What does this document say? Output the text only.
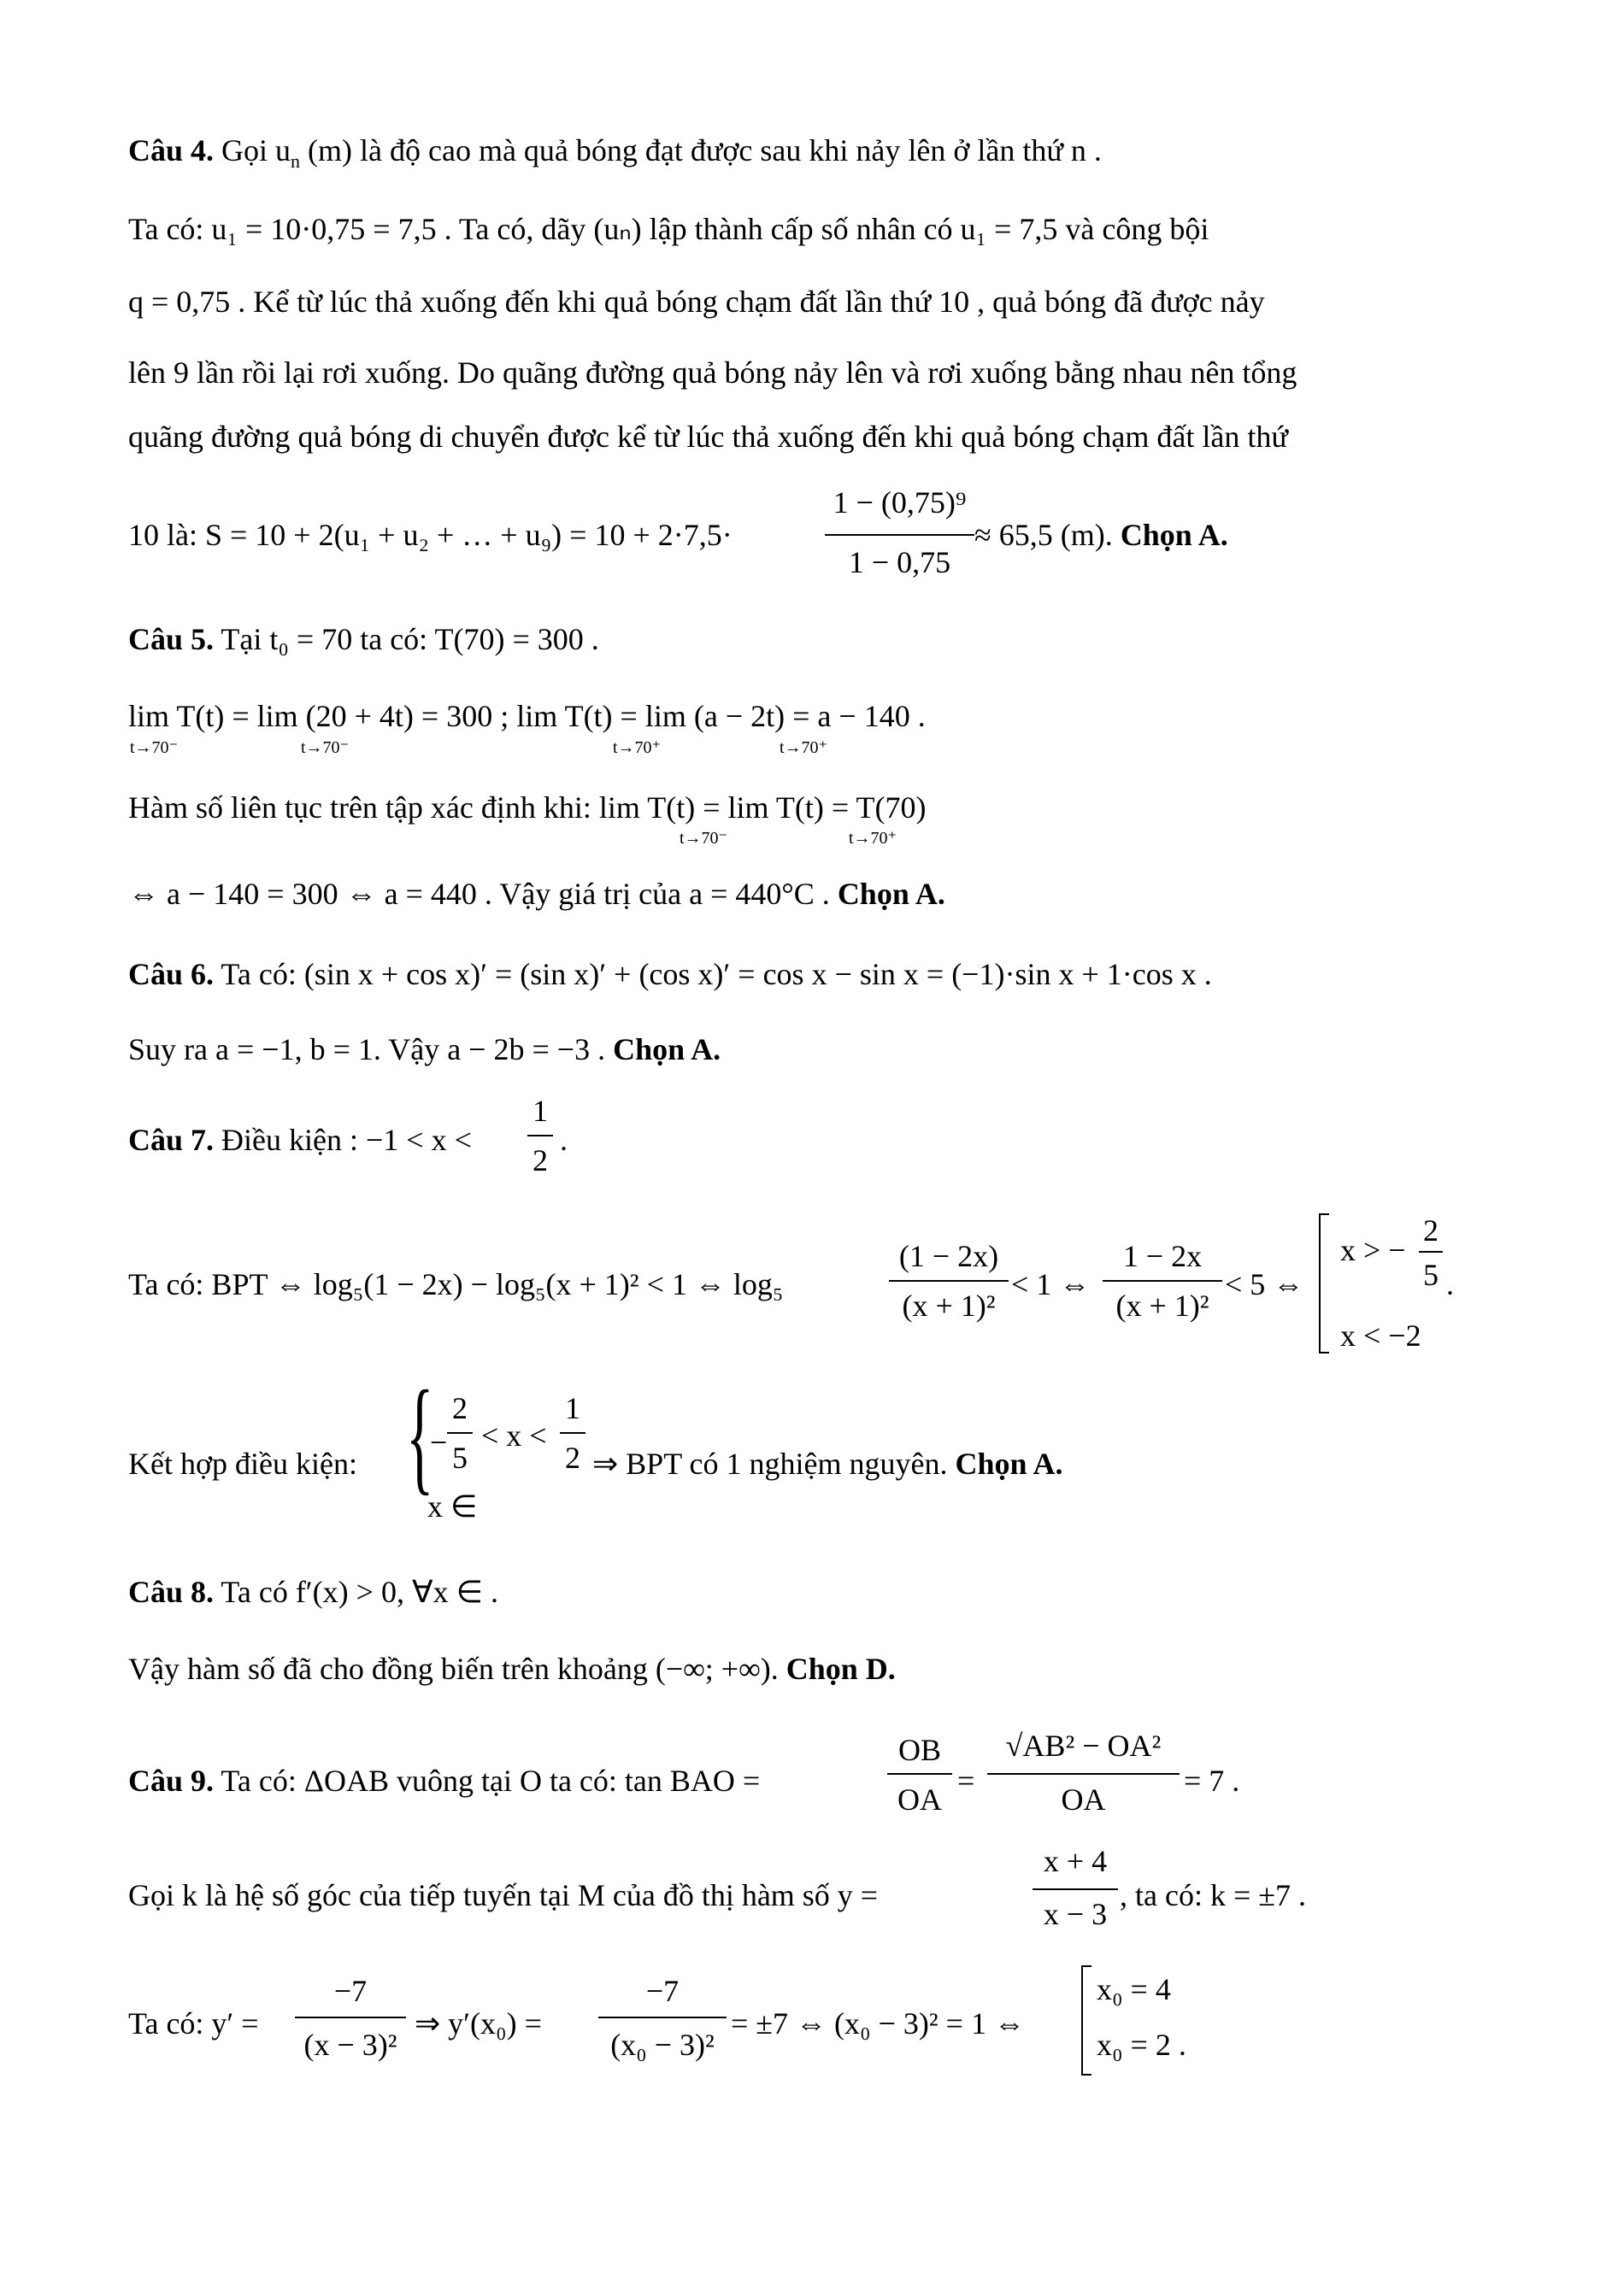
Câu 4. Gọi $u_n$ (m) là độ cao mà quả bóng đạt được sau khi nảy lên ở lần thứ n .
Ta có: u₁ = 10·0,75 = 7,5 . Ta có, dãy (uₙ) lập thành cấp số nhân có u₁ = 7,5 và công bội
q = 0,75 . Kể từ lúc thả xuống đến khi quả bóng chạm đất lần thứ 10 , quả bóng đã được nảy
lên 9 lần rồi lại rơi xuống. Do quãng đường quả bóng nảy lên và rơi xuống bằng nhau nên tổng
quãng đường quả bóng di chuyển được kể từ lúc thả xuống đến khi quả bóng chạm đất lần thứ
10 là: S = 10 + 2(u₁ + u₂ + … + u₉) = 10 + 2·7,5·
1 − (0,75)⁹
1 − 0,75
≈ 65,5 (m). Chọn A.
Câu 5. Tại t₀ = 70 ta có: T(70) = 300 .
lim T(t) = lim (20 + 4t) = 300 ; lim T(t) = lim (a − 2t) = a − 140 .
t→70⁻	t→70⁻	t→70⁺	t→70⁺
Hàm số liên tục trên tập xác định khi: lim T(t) = lim T(t) = T(70)
t→70⁻	t→70⁺
⇔ a − 140 = 300 ⇔ a = 440 . Vậy giá trị của a = 440°C . Chọn A.
Câu 6. Ta có: (sin x + cos x)′ = (sin x)′ + (cos x)′ = cos x − sin x = (−1)·sin x + 1·cos x .
Suy ra a = −1, b = 1. Vậy a − 2b = −3 . Chọn A.
Câu 7. Điều kiện : −1 < x <
1
2
.
Ta có: BPT ⇔ log₅(1 − 2x) − log₅(x + 1)² < 1 ⇔ log₅
(1 − 2x)
(x + 1)²
< 1 ⇔
1 − 2x
(x + 1)²
< 5 ⇔
x > −
2
5 .
x < −2
Kết hợp điều kiện: {
−
2
5
< x <
1
2 ⇒ BPT có 1 nghiệm nguyên. Chọn A.
x ∈
Câu 8. Ta có f′(x) > 0, ∀x ∈ .
Vậy hàm số đã cho đồng biến trên khoảng (−∞; +∞). Chọn D.
Câu 9. Ta có: ΔOAB vuông tại O ta có: tan BAO =
OB
OA
=
√AB² − OA²
OA
= 7 .
Gọi k là hệ số góc của tiếp tuyến tại M của đồ thị hàm số y =
x + 4
x − 3
, ta có: k = ±7 .
Ta có: y′ =
−7
(x − 3)²
⇒ y′(x₀) =
−7
(x₀ − 3)²
= ±7 ⇔ (x₀ − 3)² = 1 ⇔
x₀ = 4
x₀ = 2 .
